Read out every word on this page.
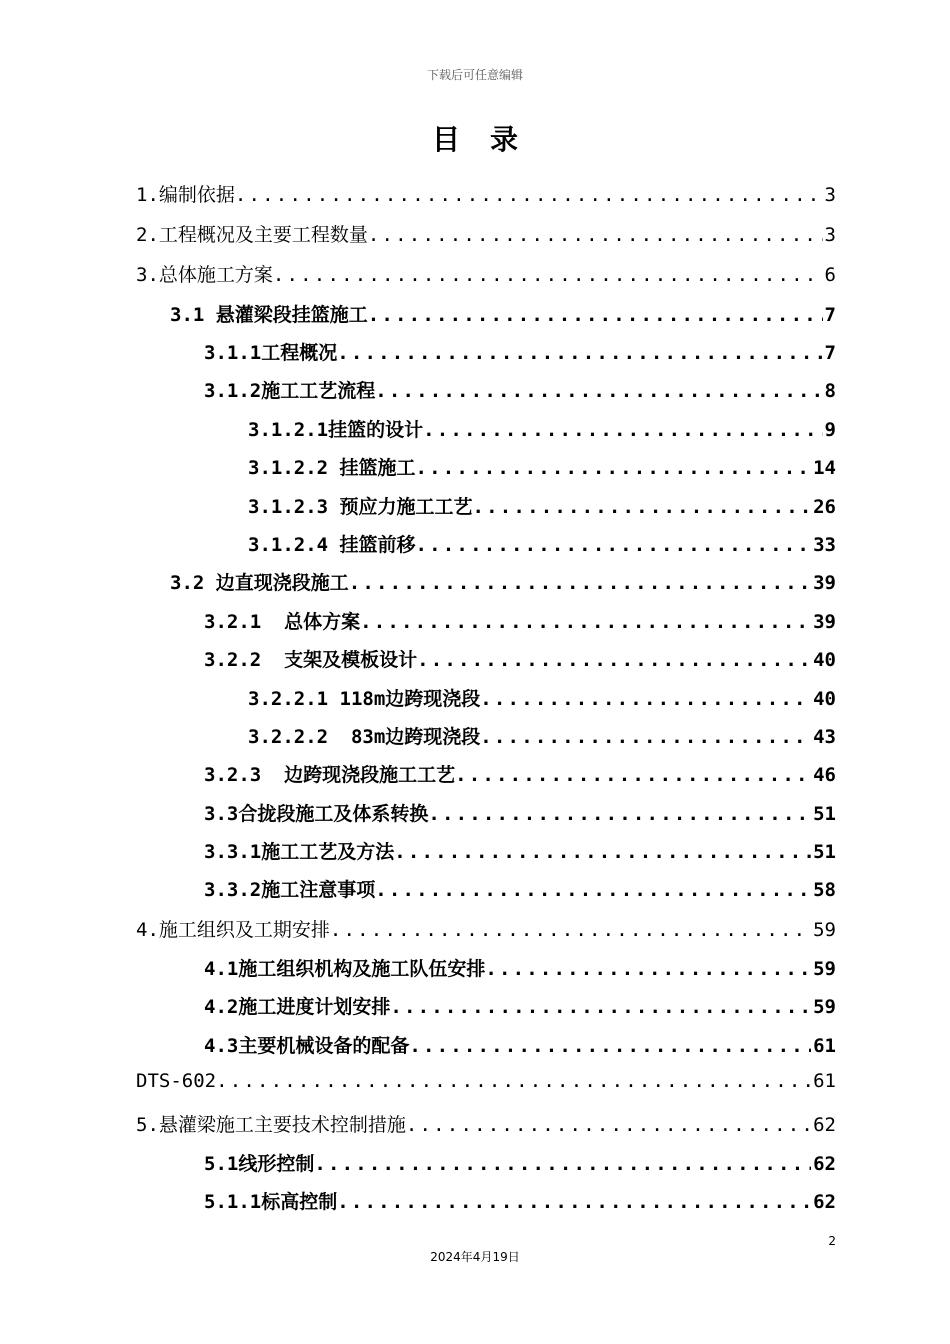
下载后可任意编辑
目录
1.编制依据 .....	3
2.工程概况及主要工程数量 .....	3
3.总体施工方案 .....	6
3.1 悬灌梁段挂篮施工 .....	7
3.1.1工程概况 .....	7
3.1.2施工工艺流程 .....	8
3.1.2.1挂篮的设计 .....	9
3.1.2.2 挂篮施工 .....	14
3.1.2.3 预应力施工工艺 .....	26
3.1.2.4 挂篮前移 .....	33
3.2 边直现浇段施工 .....	39
3.2.1  总体方案 .....	39
3.2.2  支架及模板设计 .....	40
3.2.2.1 118m边跨现浇段 .....	40
3.2.2.2  83m边跨现浇段 .....	43
3.2.3  边跨现浇段施工工艺 .....	46
3.3合拢段施工及体系转换 .....	51
3.3.1施工工艺及方法 .....	51
3.3.2施工注意事项 .....	58
4.施工组织及工期安排 .....	59
4.1施工组织机构及施工队伍安排 .....	59
4.2施工进度计划安排 .....	59
4.3主要机械设备的配备 .....	61
DTS-602 .....	61
5.悬灌梁施工主要技术控制措施 .....	62
5.1线形控制 .....	62
5.1.1标高控制 .....	62
2
2024年4月19日
